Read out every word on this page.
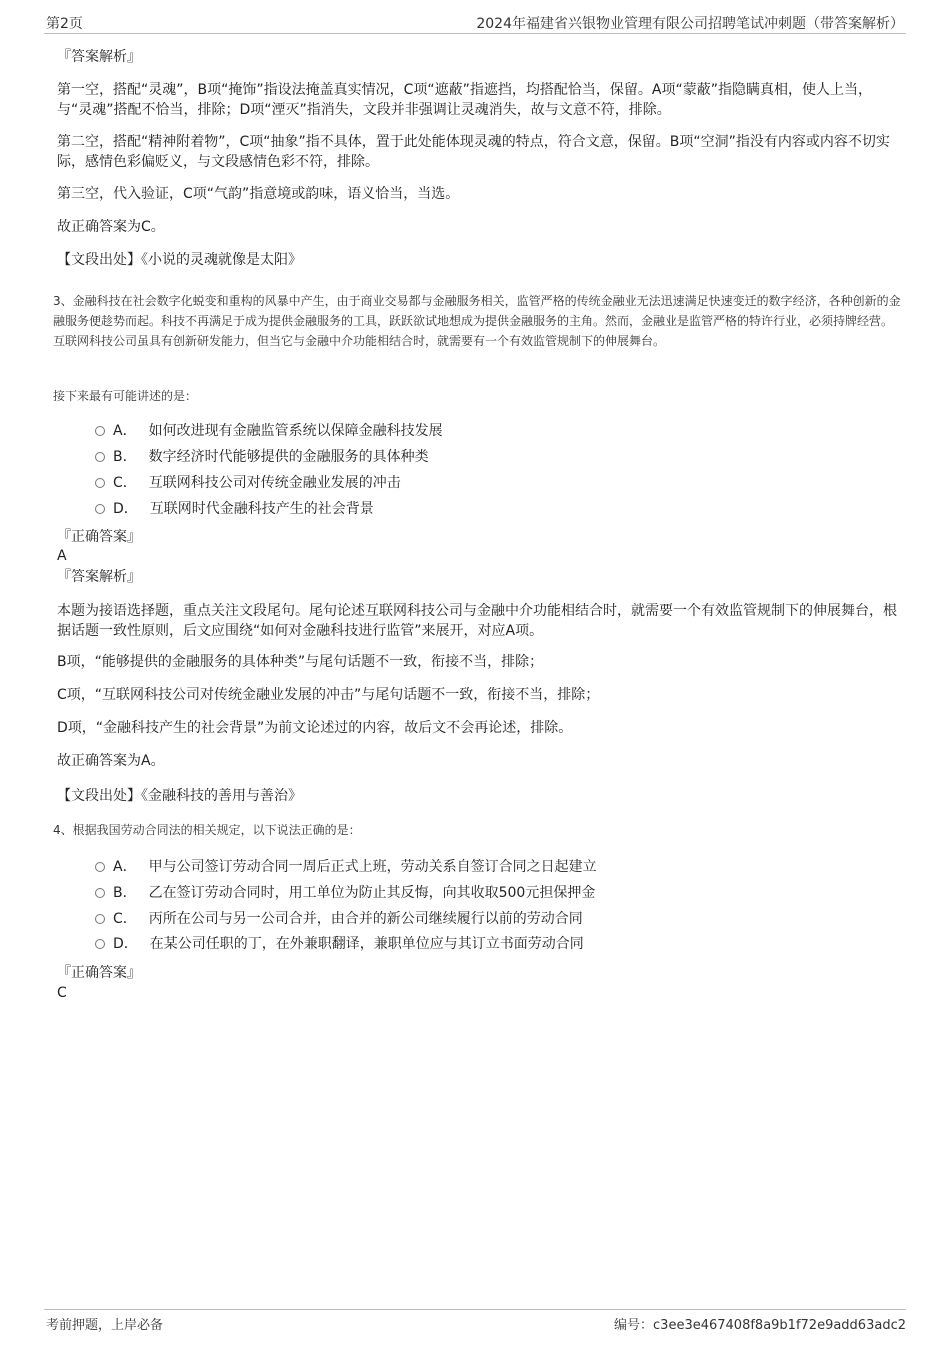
第2页	2024年福建省兴银物业管理有限公司招聘笔试冲刺题（带答案解析）
『答案解析』
第一空，搭配“灵魂”，B项“掩饰”指设法掩盖真实情况，C项“遮蔽”指遮挡，均搭配恰当，保留。A项“蒙蔽”指隐瞒真相，使人上当，与“灵魂”搭配不恰当，排除；D项“湮灭”指消失，文段并非强调让灵魂消失，故与文意不符，排除。
第二空，搭配“精神附着物”，C项“抽象”指不具体，置于此处能体现灵魂的特点，符合文意，保留。B项“空洞”指没有内容或内容不切实际，感情色彩偏贬义，与文段感情色彩不符，排除。
第三空，代入验证，C项“气韵”指意境或韵味，语义恰当，当选。
故正确答案为C。
【文段出处】《小说的灵魂就像是太阳》
3、金融科技在社会数字化蜕变和重构的风暴中产生，由于商业交易都与金融服务相关，监管严格的传统金融业无法迅速满足快速变迁的数字经济，各种创新的金融服务便趁势而起。科技不再满足于成为提供金融服务的工具，跃跃欲试地想成为提供金融服务的主角。然而，金融业是监管严格的特许行业，必须持牌经营。互联网科技公司虽具有创新研发能力，但当它与金融中介功能相结合时，就需要有一个有效监管规制下的伸展舞台。
接下来最有可能讲述的是：
A． 如何改进现有金融监管系统以保障金融科技发展
B． 数字经济时代能够提供的金融服务的具体种类
C． 互联网科技公司对传统金融业发展的冲击
D． 互联网时代金融科技产生的社会背景
『正确答案』
A
『答案解析』
本题为接语选择题，重点关注文段尾句。尾句论述互联网科技公司与金融中介功能相结合时，就需要一个有效监管规制下的伸展舞台，根据话题一致性原则，后文应围绕“如何对金融科技进行监管”来展开，对应A项。
B项，“能够提供的金融服务的具体种类”与尾句话题不一致，衔接不当，排除；
C项，“互联网科技公司对传统金融业发展的冲击”与尾句话题不一致，衔接不当，排除；
D项，“金融科技产生的社会背景”为前文论述过的内容，故后文不会再论述，排除。
故正确答案为A。
【文段出处】《金融科技的善用与善治》
4、根据我国劳动合同法的相关规定，以下说法正确的是：
A． 甲与公司签订劳动合同一周后正式上班，劳动关系自签订合同之日起建立
B． 乙在签订劳动合同时，用工单位为防止其反悔，向其收取500元担保押金
C． 丙所在公司与另一公司合并，由合并的新公司继续履行以前的劳动合同
D． 在某公司任职的丁，在外兼职翻译，兼职单位应与其订立书面劳动合同
『正确答案』
C
考前押题，上岸必备	编号：c3ee3e467408f8a9b1f72e9add63adc2
